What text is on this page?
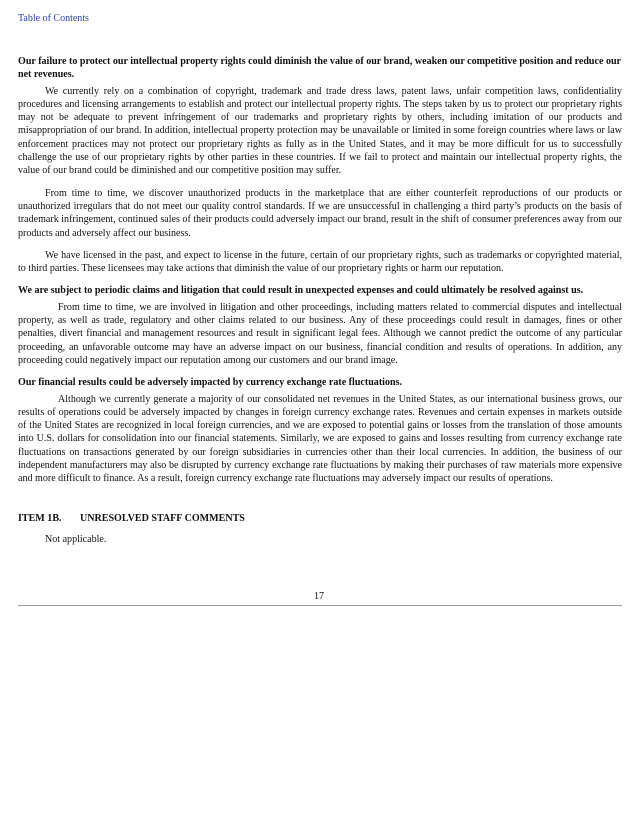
Table of Contents

Our failure to protect our intellectual property rights could diminish the value of our brand, weaken our competitive position and reduce our net revenues.

We currently rely on a combination of copyright, trademark and trade dress laws, patent laws, unfair competition laws, confidentiality procedures and licensing arrangements to establish and protect our intellectual property rights. The steps taken by us to protect our proprietary rights may not be adequate to prevent infringement of our trademarks and proprietary rights by others, including imitation of our products and misappropriation of our brand. In addition, intellectual property protection may be unavailable or limited in some foreign countries where laws or law enforcement practices may not protect our proprietary rights as fully as in the United States, and it may be more difficult for us to successfully challenge the use of our proprietary rights by other parties in these countries. If we fail to protect and maintain our intellectual property rights, the value of our brand could be diminished and our competitive position may suffer.

From time to time, we discover unauthorized products in the marketplace that are either counterfeit reproductions of our products or unauthorized irregulars that do not meet our quality control standards. If we are unsuccessful in challenging a third party’s products on the basis of trademark infringement, continued sales of their products could adversely impact our brand, result in the shift of consumer preferences away from our products and adversely affect our business.

We have licensed in the past, and expect to license in the future, certain of our proprietary rights, such as trademarks or copyrighted material, to third parties. These licensees may take actions that diminish the value of our proprietary rights or harm our reputation.

We are subject to periodic claims and litigation that could result in unexpected expenses and could ultimately be resolved against us.

From time to time, we are involved in litigation and other proceedings, including matters related to commercial disputes and intellectual property, as well as trade, regulatory and other claims related to our business. Any of these proceedings could result in damages, fines or other penalties, divert financial and management resources and result in significant legal fees. Although we cannot predict the outcome of any particular proceeding, an unfavorable outcome may have an adverse impact on our business, financial condition and results of operations. In addition, any proceeding could negatively impact our reputation among our customers and our brand image.

Our financial results could be adversely impacted by currency exchange rate fluctuations.

Although we currently generate a majority of our consolidated net revenues in the United States, as our international business grows, our results of operations could be adversely impacted by changes in foreign currency exchange rates. Revenues and certain expenses in markets outside of the United States are recognized in local foreign currencies, and we are exposed to potential gains or losses from the translation of those amounts into U.S. dollars for consolidation into our financial statements. Similarly, we are exposed to gains and losses resulting from currency exchange rate fluctuations on transactions generated by our foreign subsidiaries in currencies other than their local currencies. In addition, the business of our independent manufacturers may also be disrupted by currency exchange rate fluctuations by making their purchases of raw materials more expensive and more difficult to finance. As a result, foreign currency exchange rate fluctuations may adversely impact our results of operations.

ITEM 1B. UNRESOLVED STAFF COMMENTS
Not applicable.
17
